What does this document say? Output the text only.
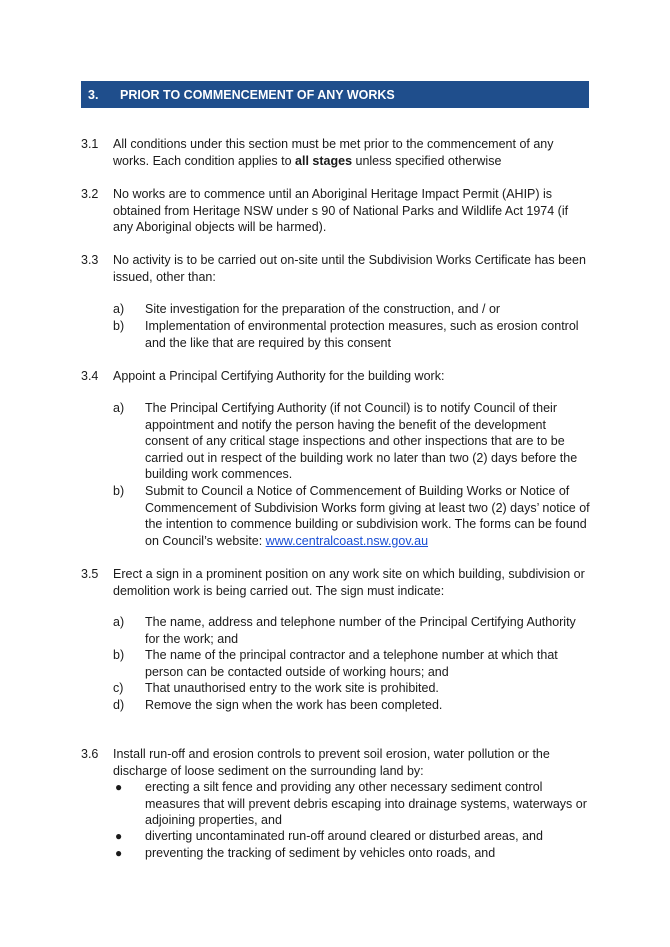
3. PRIOR TO COMMENCEMENT OF ANY WORKS
3.1 All conditions under this section must be met prior to the commencement of any works. Each condition applies to all stages unless specified otherwise
3.2 No works are to commence until an Aboriginal Heritage Impact Permit (AHIP) is obtained from Heritage NSW under s 90 of National Parks and Wildlife Act 1974 (if any Aboriginal objects will be harmed).
3.3 No activity is to be carried out on-site until the Subdivision Works Certificate has been issued, other than:
a) Site investigation for the preparation of the construction, and / or
b) Implementation of environmental protection measures, such as erosion control and the like that are required by this consent
3.4 Appoint a Principal Certifying Authority for the building work:
a) The Principal Certifying Authority (if not Council) is to notify Council of their appointment and notify the person having the benefit of the development consent of any critical stage inspections and other inspections that are to be carried out in respect of the building work no later than two (2) days before the building work commences.
b) Submit to Council a Notice of Commencement of Building Works or Notice of Commencement of Subdivision Works form giving at least two (2) days’ notice of the intention to commence building or subdivision work. The forms can be found on Council’s website: www.centralcoast.nsw.gov.au
3.5 Erect a sign in a prominent position on any work site on which building, subdivision or demolition work is being carried out. The sign must indicate:
a) The name, address and telephone number of the Principal Certifying Authority for the work; and
b) The name of the principal contractor and a telephone number at which that person can be contacted outside of working hours; and
c) That unauthorised entry to the work site is prohibited.
d) Remove the sign when the work has been completed.
3.6 Install run-off and erosion controls to prevent soil erosion, water pollution or the discharge of loose sediment on the surrounding land by:
● erecting a silt fence and providing any other necessary sediment control measures that will prevent debris escaping into drainage systems, waterways or adjoining properties, and
● diverting uncontaminated run-off around cleared or disturbed areas, and
● preventing the tracking of sediment by vehicles onto roads, and
